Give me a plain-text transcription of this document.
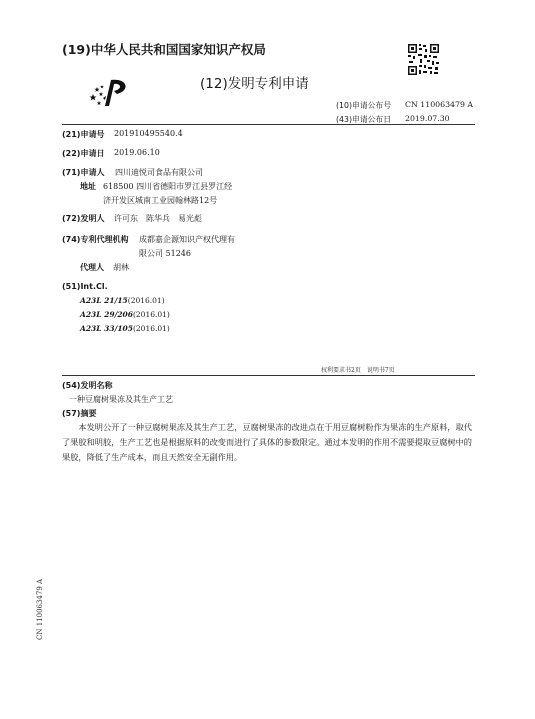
(19)中华人民共和国国家知识产权局
(12)发明专利申请
(10)申请公布号 CN 110063479 A
(43)申请公布日 2019.07.30
(21)申请号 201910495540.4
(22)申请日 2019.06.10
(71)申请人 四川迪悦司食品有限公司
地址 618500 四川省德阳市罗江县罗江经
济开发区城南工业园翰林路12号
(72)发明人 许可东　陈华兵　易光彪
(74)专利代理机构 成都嘉企源知识产权代理有
限公司 51246
代理人 胡林
(51)Int.Cl.
A23L 21/15(2016.01)
A23L 29/206(2016.01)
A23L 33/105(2016.01)
权利要求书2页　说明书7页
(54)发明名称
一种豆腐树果冻及其生产工艺
(57)摘要
本发明公开了一种豆腐树果冻及其生产工艺，豆腐树果冻的改进点在于用豆腐树粉作为果冻的生产原料，取代了果胶和明胶，生产工艺也是根据原料的改变而进行了具体的参数限定。通过本发明的作用不需要提取豆腐树中的果胶，降低了生产成本，而且天然安全无副作用。
CN 110063479 A
